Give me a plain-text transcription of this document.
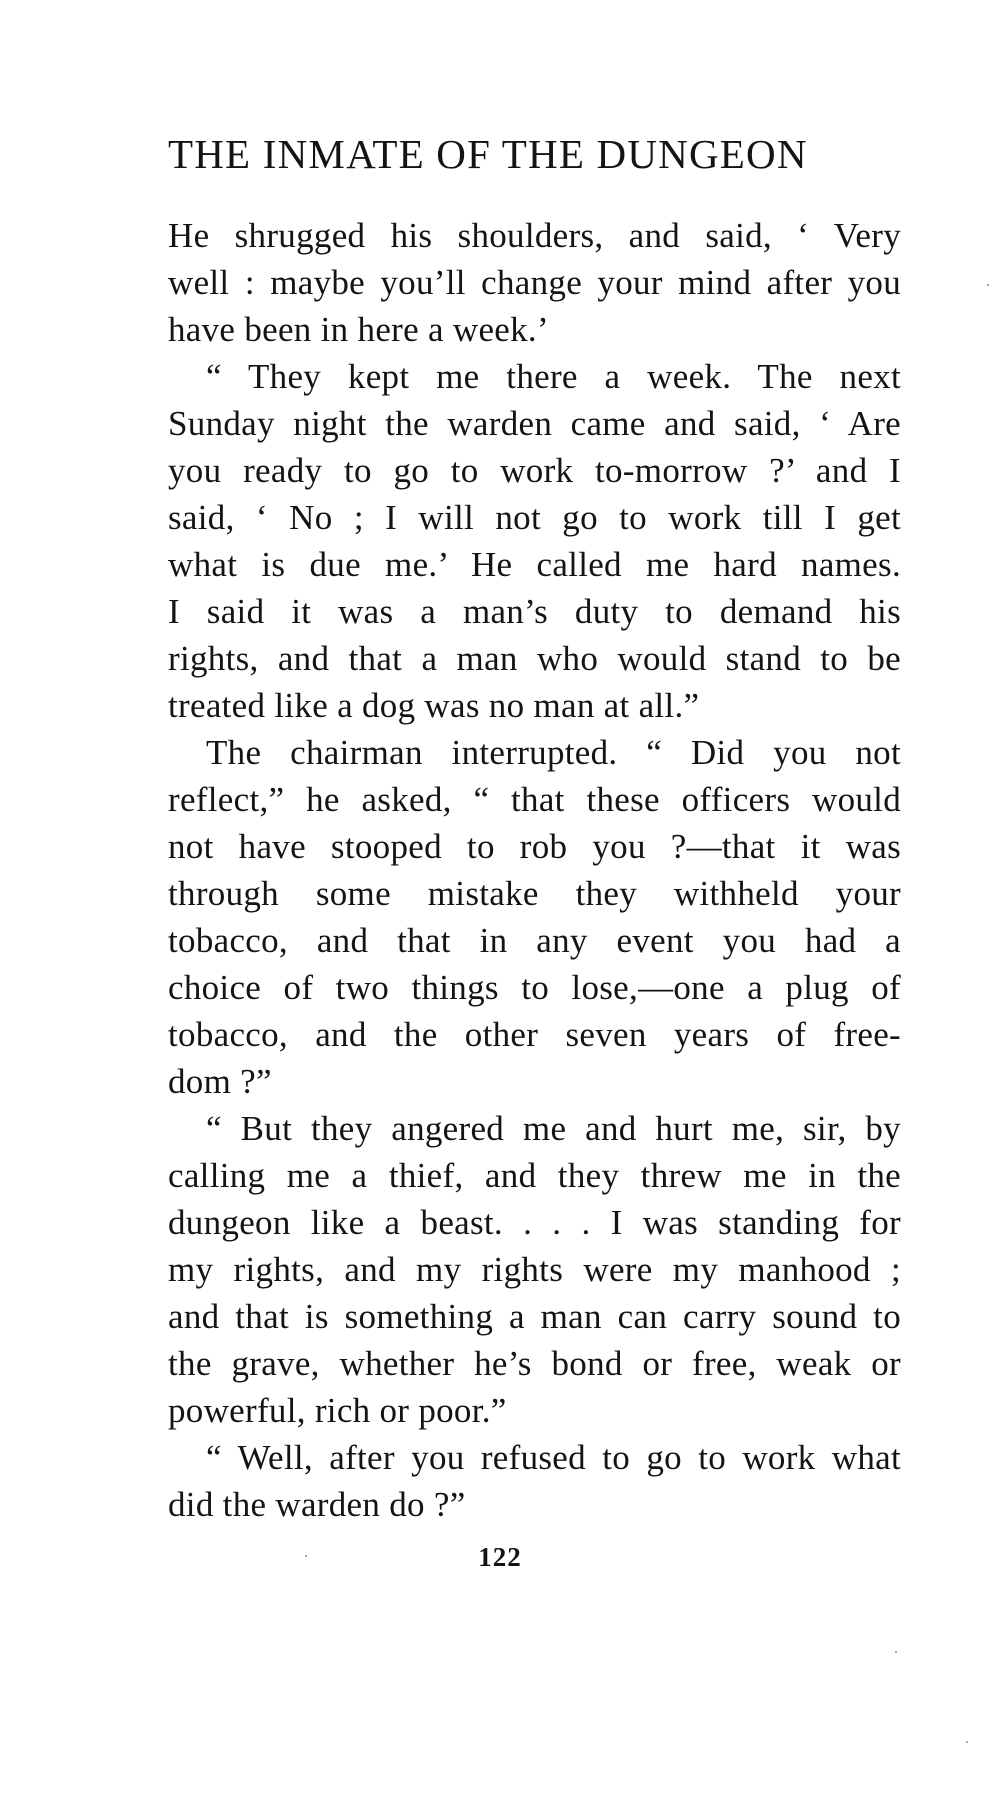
THE INMATE OF THE DUNGEON
He shrugged his shoulders, and said, ‘ Very
well : maybe you’ll change your mind after you
have been in here a week.’
“ They kept me there a week. The next
Sunday night the warden came and said, ‘ Are
you ready to go to work to-morrow ?’ and I
said, ‘ No ; I will not go to work till I get
what is due me.’ He called me hard names.
I said it was a man’s duty to demand his
rights, and that a man who would stand to be
treated like a dog was no man at all.”
The chairman interrupted. “ Did you not
reflect,” he asked, “ that these officers would
not have stooped to rob you ?—that it was
through some mistake they withheld your
tobacco, and that in any event you had a
choice of two things to lose,—one a plug of
tobacco, and the other seven years of free-
dom ?”
“ But they angered me and hurt me, sir, by
calling me a thief, and they threw me in the
dungeon like a beast. . . . I was standing for
my rights, and my rights were my manhood ;
and that is something a man can carry sound to
the grave, whether he’s bond or free, weak or
powerful, rich or poor.”
“ Well, after you refused to go to work what
did the warden do ?”
122
